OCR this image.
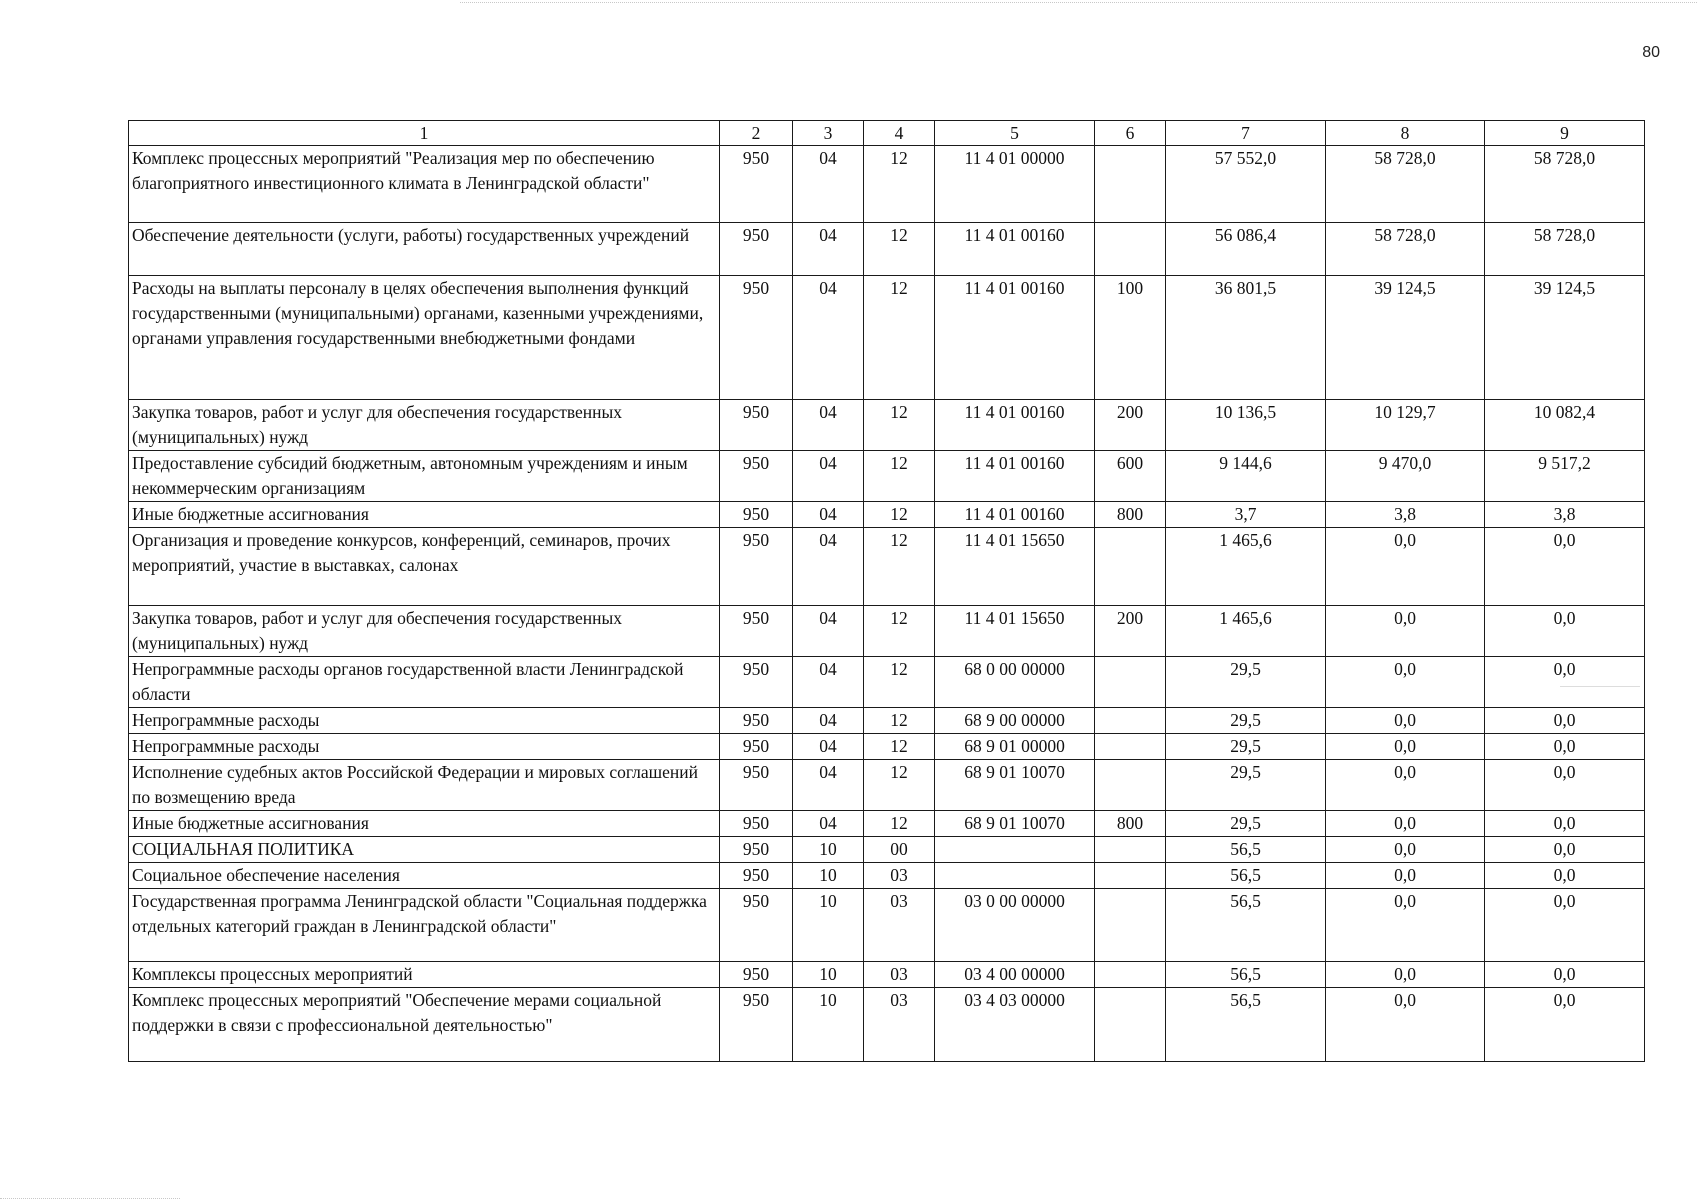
80
1	2	3	4	5	6	7	8	9
Комплекс процессных мероприятий "Реализация мер по обеспечению благоприятного инвестиционного климата в Ленинградской области"	950	04	12	11 4 01 00000		57 552,0	58 728,0	58 728,0
Обеспечение деятельности (услуги, работы) государственных учреждений	950	04	12	11 4 01 00160		56 086,4	58 728,0	58 728,0
Расходы на выплаты персоналу в целях обеспечения выполнения функций государственными (муниципальными) органами, казенными учреждениями, органами управления государственными внебюджетными фондами	950	04	12	11 4 01 00160	100	36 801,5	39 124,5	39 124,5
Закупка товаров, работ и услуг для обеспечения государственных (муниципальных) нужд	950	04	12	11 4 01 00160	200	10 136,5	10 129,7	10 082,4
Предоставление субсидий бюджетным, автономным учреждениям и иным некоммерческим организациям	950	04	12	11 4 01 00160	600	9 144,6	9 470,0	9 517,2
Иные бюджетные ассигнования	950	04	12	11 4 01 00160	800	3,7	3,8	3,8
Организация и проведение конкурсов, конференций, семинаров, прочих мероприятий, участие в выставках, салонах	950	04	12	11 4 01 15650		1 465,6	0,0	0,0
Закупка товаров, работ и услуг для обеспечения государственных (муниципальных) нужд	950	04	12	11 4 01 15650	200	1 465,6	0,0	0,0
Непрограммные расходы органов государственной власти Ленинградской области	950	04	12	68 0 00 00000		29,5	0,0	0,0
Непрограммные расходы	950	04	12	68 9 00 00000		29,5	0,0	0,0
Непрограммные расходы	950	04	12	68 9 01 00000		29,5	0,0	0,0
Исполнение судебных актов Российской Федерации и мировых соглашений по возмещению вреда	950	04	12	68 9 01 10070		29,5	0,0	0,0
Иные бюджетные ассигнования	950	04	12	68 9 01 10070	800	29,5	0,0	0,0
СОЦИАЛЬНАЯ ПОЛИТИКА	950	10	00			56,5	0,0	0,0
Социальное обеспечение населения	950	10	03			56,5	0,0	0,0
Государственная программа Ленинградской области "Социальная поддержка отдельных категорий граждан в Ленинградской области"	950	10	03	03 0 00 00000		56,5	0,0	0,0
Комплексы процессных мероприятий	950	10	03	03 4 00 00000		56,5	0,0	0,0
Комплекс процессных мероприятий "Обеспечение мерами социальной поддержки в связи с профессиональной деятельностью"	950	10	03	03 4 03 00000		56,5	0,0	0,0
